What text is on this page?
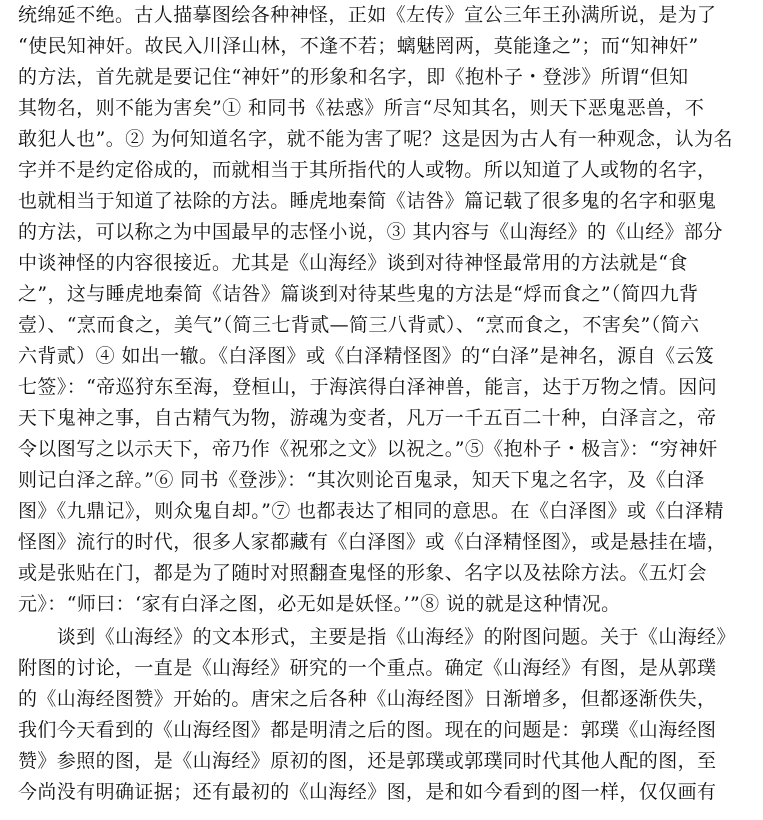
统绵延不绝。古人描摹图绘各种神怪，正如《左传》宣公三年王孙满所说，是为了
“使民知神奸。故民入川泽山林，不逢不若；螭魅罔两，莫能逢之”；而“知神奸”
的方法，首先就是要记住“神奸”的形象和名字，即《抱朴子・登涉》所谓“但知
其物名，则不能为害矣”① 和同书《祛惑》所言“尽知其名，则天下恶鬼恶兽，不
敢犯人也”。② 为何知道名字，就不能为害了呢？这是因为古人有一种观念，认为名
字并不是约定俗成的，而就相当于其所指代的人或物。所以知道了人或物的名字，
也就相当于知道了祛除的方法。睡虎地秦简《诘咎》篇记载了很多鬼的名字和驱鬼
的方法，可以称之为中国最早的志怪小说，③ 其内容与《山海经》的《山经》部分
中谈神怪的内容很接近。尤其是《山海经》谈到对待神怪最常用的方法就是“食
之”，这与睡虎地秦简《诘咎》篇谈到对待某些鬼的方法是“烰而食之”（简四九背
壹）、“烹而食之，美气”（简三七背贰—简三八背贰）、“烹而食之，不害矣”（简六
六背贰）④ 如出一辙。《白泽图》或《白泽精怪图》的“白泽”是神名，源自《云笈
七签》：“帝巡狩东至海，登桓山，于海滨得白泽神兽，能言，达于万物之情。因问
天下鬼神之事，自古精气为物，游魂为变者，凡万一千五百二十种，白泽言之，帝
令以图写之以示天下，帝乃作《祝邪之文》以祝之。”⑤《抱朴子・极言》：“穷神奸
则记白泽之辞。”⑥ 同书《登涉》：“其次则论百鬼录，知天下鬼之名字，及《白泽
图》《九鼎记》，则众鬼自却。”⑦ 也都表达了相同的意思。在《白泽图》或《白泽精
怪图》流行的时代，很多人家都藏有《白泽图》或《白泽精怪图》，或是悬挂在墙，
或是张贴在门，都是为了随时对照翻查鬼怪的形象、名字以及祛除方法。《五灯会
元》：“师曰：‘家有白泽之图，必无如是妖怪。’”⑧ 说的就是这种情况。
　　谈到《山海经》的文本形式，主要是指《山海经》的附图问题。关于《山海经》
附图的讨论，一直是《山海经》研究的一个重点。确定《山海经》有图，是从郭璞
的《山海经图赞》开始的。唐宋之后各种《山海经图》日渐增多，但都逐渐佚失，
我们今天看到的《山海经图》都是明清之后的图。现在的问题是：郭璞《山海经图
赞》参照的图，是《山海经》原初的图，还是郭璞或郭璞同时代其他人配的图，至
今尚没有明确证据；还有最初的《山海经》图，是和如今看到的图一样，仅仅画有
